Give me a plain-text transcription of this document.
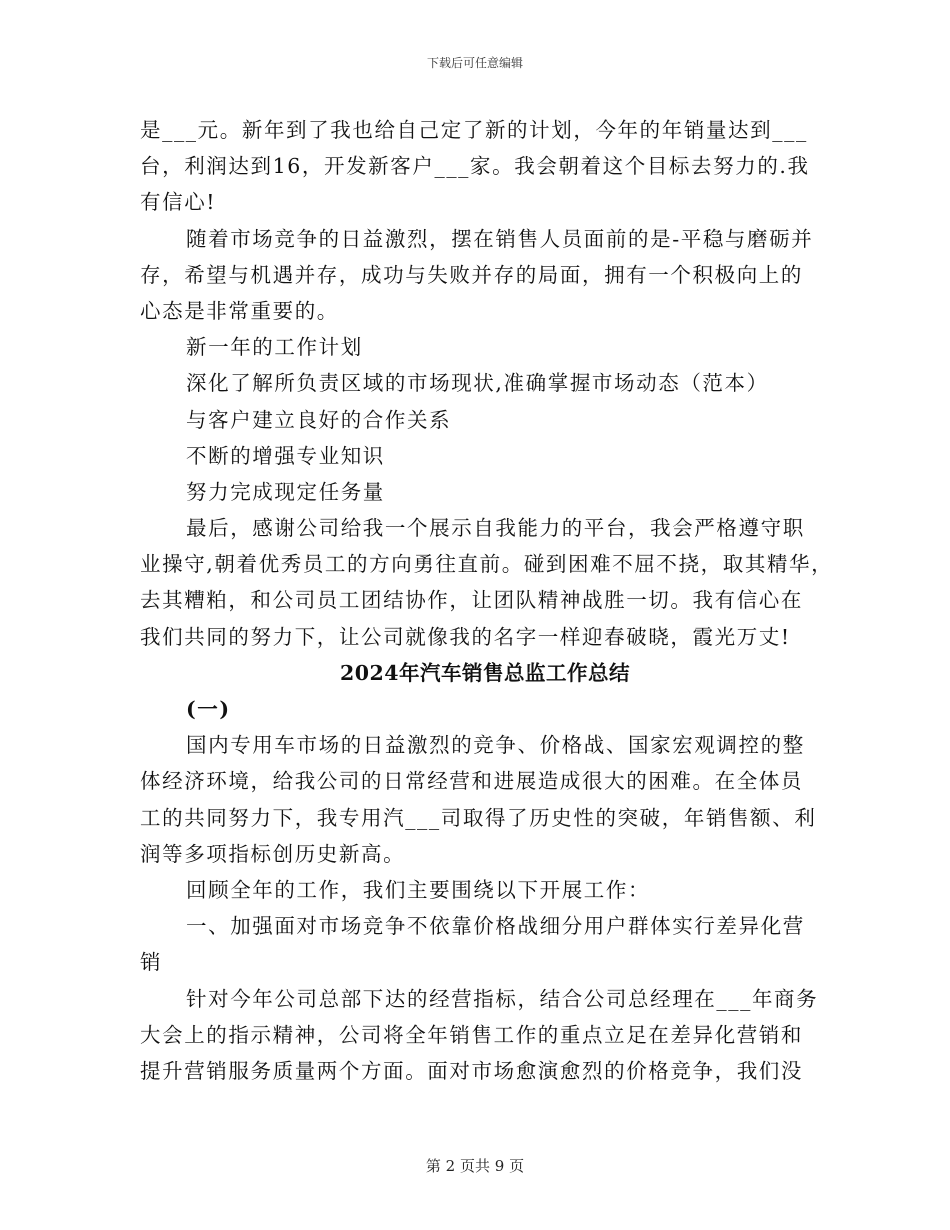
下载后可任意编辑
是___元。新年到了我也给自己定了新的计划，今年的年销量达到___
台，利润达到16，开发新客户___家。我会朝着这个目标去努力的.我
有信心!
随着市场竞争的日益激烈，摆在销售人员面前的是-平稳与磨砺并
存，希望与机遇并存，成功与失败并存的局面，拥有一个积极向上的
心态是非常重要的。
新一年的工作计划
深化了解所负责区域的市场现状,准确掌握市场动态（范本）
与客户建立良好的合作关系
不断的增强专业知识
努力完成现定任务量
最后，感谢公司给我一个展示自我能力的平台，我会严格遵守职
业操守,朝着优秀员工的方向勇往直前。碰到困难不屈不挠，取其精华，
去其糟粕，和公司员工团结协作，让团队精神战胜一切。我有信心在
我们共同的努力下，让公司就像我的名字一样迎春破晓，霞光万丈!
2024年汽车销售总监工作总结
(一)
国内专用车市场的日益激烈的竞争、价格战、国家宏观调控的整
体经济环境，给我公司的日常经营和进展造成很大的困难。在全体员
工的共同努力下，我专用汽___司取得了历史性的突破，年销售额、利
润等多项指标创历史新高。
回顾全年的工作，我们主要围绕以下开展工作：
一、加强面对市场竞争不依靠价格战细分用户群体实行差异化营
销
针对今年公司总部下达的经营指标，结合公司总经理在___年商务
大会上的指示精神，公司将全年销售工作的重点立足在差异化营销和
提升营销服务质量两个方面。面对市场愈演愈烈的价格竞争，我们没
第 2 页共 9 页
